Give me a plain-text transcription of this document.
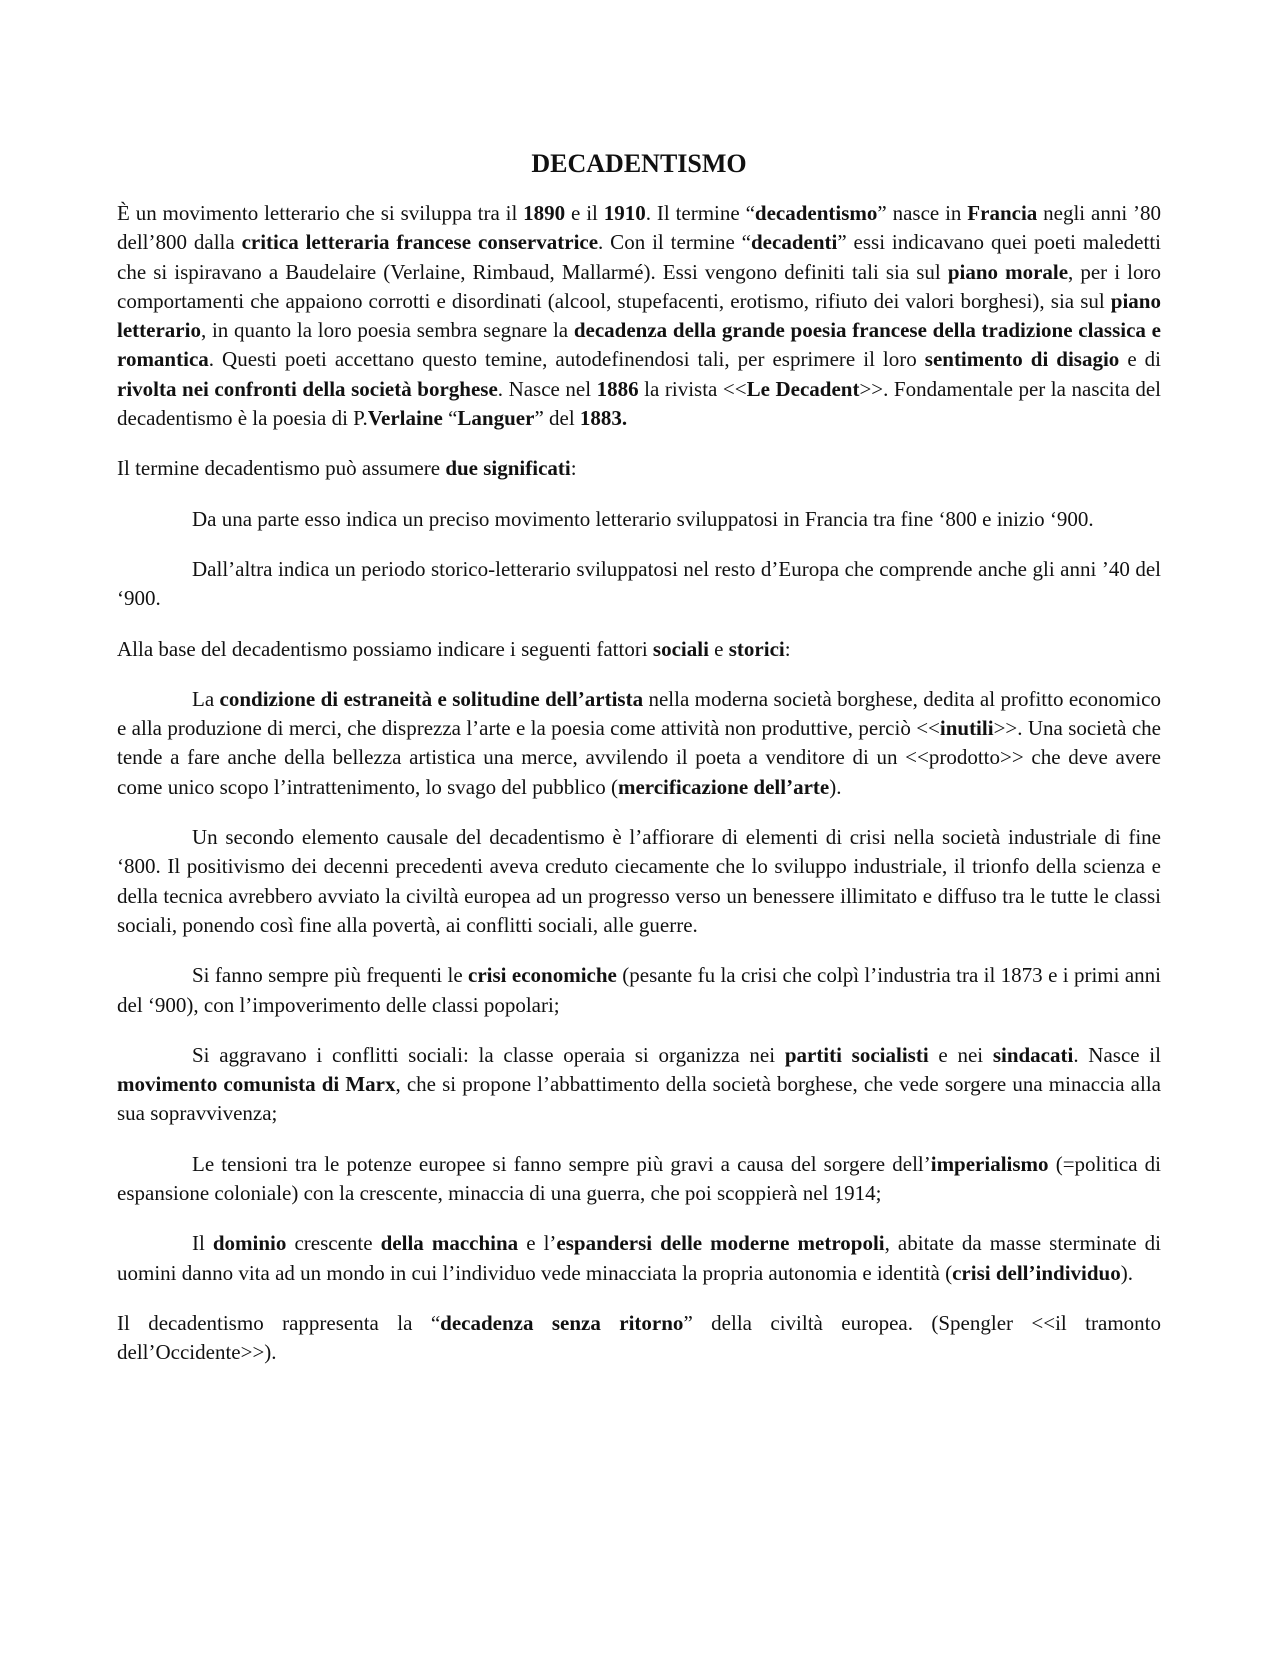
DECADENTISMO

È un movimento letterario che si sviluppa tra il 1890 e il 1910. Il termine “decadentismo” nasce in Francia negli anni ’80 dell’800 dalla critica letteraria francese conservatrice. Con il termine “decadenti” essi indicavano quei poeti maledetti che si ispiravano a Baudelaire (Verlaine, Rimbaud, Mallarmé). Essi vengono definiti tali sia sul piano morale, per i loro comportamenti che appaiono corrotti e disordinati (alcool, stupefacenti, erotismo, rifiuto dei valori borghesi), sia sul piano letterario, in quanto la loro poesia sembra segnare la decadenza della grande poesia francese della tradizione classica e romantica. Questi poeti accettano questo temine, autodefinendosi tali, per esprimere il loro sentimento di disagio e di rivolta nei confronti della società borghese. Nasce nel 1886 la rivista <<Le Decadent>>. Fondamentale per la nascita del decadentismo è la poesia di P.Verlaine “Languer” del 1883.

Il termine decadentismo può assumere due significati:

Da una parte esso indica un preciso movimento letterario sviluppatosi in Francia tra fine ‘800 e inizio ‘900.

Dall’altra indica un periodo storico-letterario sviluppatosi nel resto d’Europa che comprende anche gli anni ’40 del ‘900.

Alla base del decadentismo possiamo indicare i seguenti fattori sociali e storici:

La condizione di estraneità e solitudine dell’artista nella moderna società borghese, dedita al profitto economico e alla produzione di merci, che disprezza l’arte e la poesia come attività non produttive, perciò <<inutili>>. Una società che tende a fare anche della bellezza artistica una merce, avvilendo il poeta a venditore di un <<prodotto>> che deve avere come unico scopo l’intrattenimento, lo svago del pubblico (mercificazione dell’arte).

Un secondo elemento causale del decadentismo è l’affiorare di elementi di crisi nella società industriale di fine ‘800. Il positivismo dei decenni precedenti aveva creduto ciecamente che lo sviluppo industriale, il trionfo della scienza e della tecnica avrebbero avviato la civiltà europea ad un progresso verso un benessere illimitato e diffuso tra le tutte le classi sociali, ponendo così fine alla povertà, ai conflitti sociali, alle guerre.

Si fanno sempre più frequenti le crisi economiche (pesante fu la crisi che colpì l’industria tra il 1873 e i primi anni del ‘900), con l’impoverimento delle classi popolari;

Si aggravano i conflitti sociali: la classe operaia si organizza nei partiti socialisti e nei sindacati. Nasce il movimento comunista di Marx, che si propone l’abbattimento della società borghese, che vede sorgere una minaccia alla sua sopravvivenza;

Le tensioni tra le potenze europee si fanno sempre più gravi a causa del sorgere dell’imperialismo (=politica di espansione coloniale) con la crescente, minaccia di una guerra, che poi scoppierà nel 1914;

Il dominio crescente della macchina e l’espandersi delle moderne metropoli, abitate da masse sterminate di uomini danno vita ad un mondo in cui l’individuo vede minacciata la propria autonomia e identità (crisi dell’individuo).

Il decadentismo rappresenta la “decadenza senza ritorno” della civiltà europea. (Spengler <<il tramonto dell’Occidente>>).
